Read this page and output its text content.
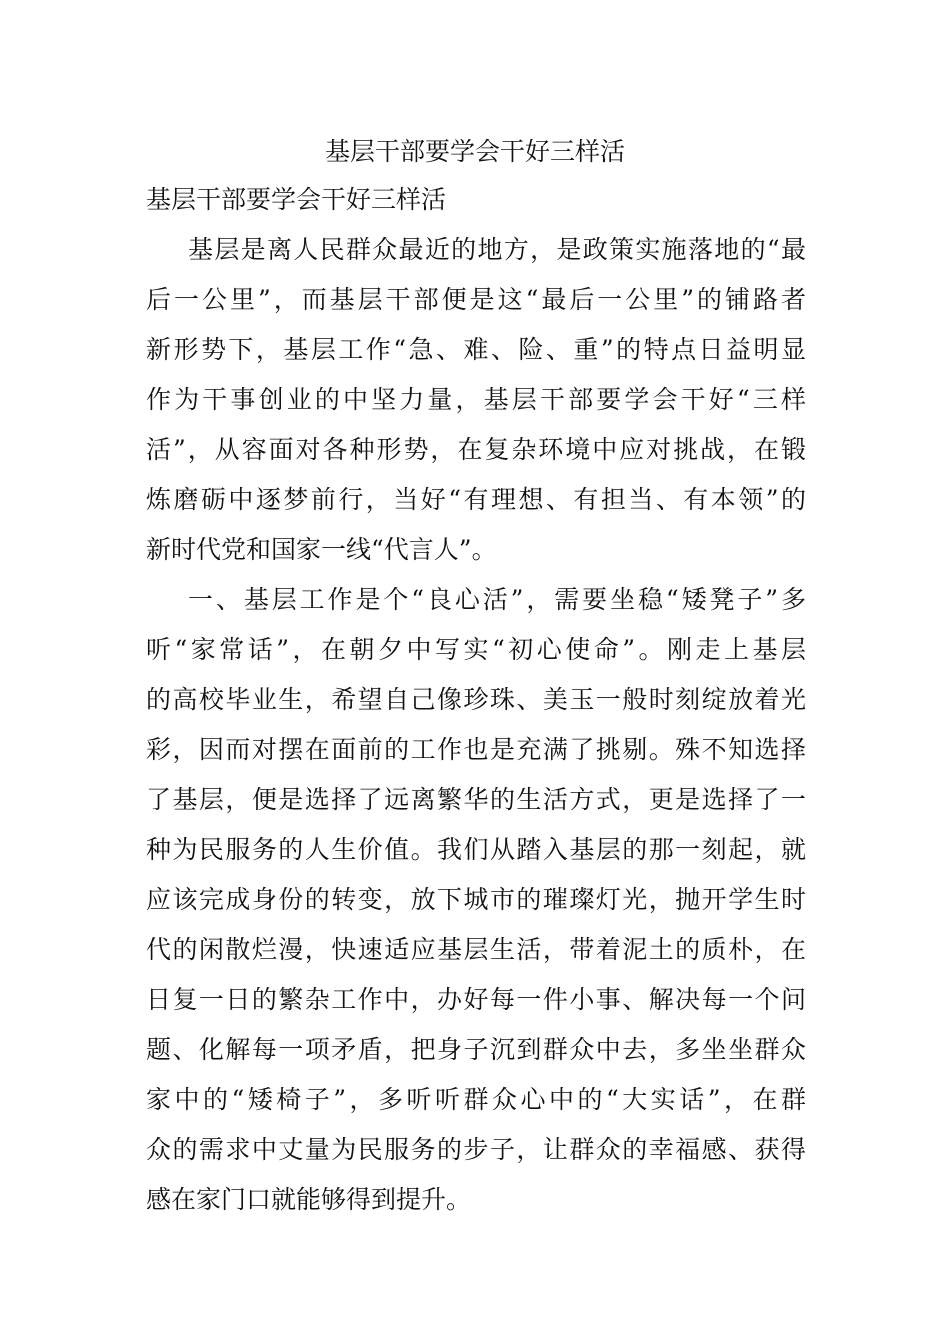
基层干部要学会干好三样活
基层干部要学会干好三样活
基层是离人民群众最近的地方，是政策实施落地的“最
后一公里”，而基层干部便是这“最后一公里”的铺路者
新形势下，基层工作“急、难、险、重”的特点日益明显
作为干事创业的中坚力量，基层干部要学会干好“三样
活”，从容面对各种形势，在复杂环境中应对挑战，在锻
炼磨砺中逐梦前行，当好“有理想、有担当、有本领”的
新时代党和国家一线“代言人”。
一、基层工作是个“良心活”，需要坐稳“矮凳子”多
听“家常话”，在朝夕中写实“初心使命”。刚走上基层
的高校毕业生，希望自己像珍珠、美玉一般时刻绽放着光
彩，因而对摆在面前的工作也是充满了挑剔。殊不知选择
了基层，便是选择了远离繁华的生活方式，更是选择了一
种为民服务的人生价值。我们从踏入基层的那一刻起，就
应该完成身份的转变，放下城市的璀璨灯光，抛开学生时
代的闲散烂漫，快速适应基层生活，带着泥土的质朴，在
日复一日的繁杂工作中，办好每一件小事、解决每一个问
题、化解每一项矛盾，把身子沉到群众中去，多坐坐群众
家中的“矮椅子”，多听听群众心中的“大实话”，在群
众的需求中丈量为民服务的步子，让群众的幸福感、获得
感在家门口就能够得到提升。
